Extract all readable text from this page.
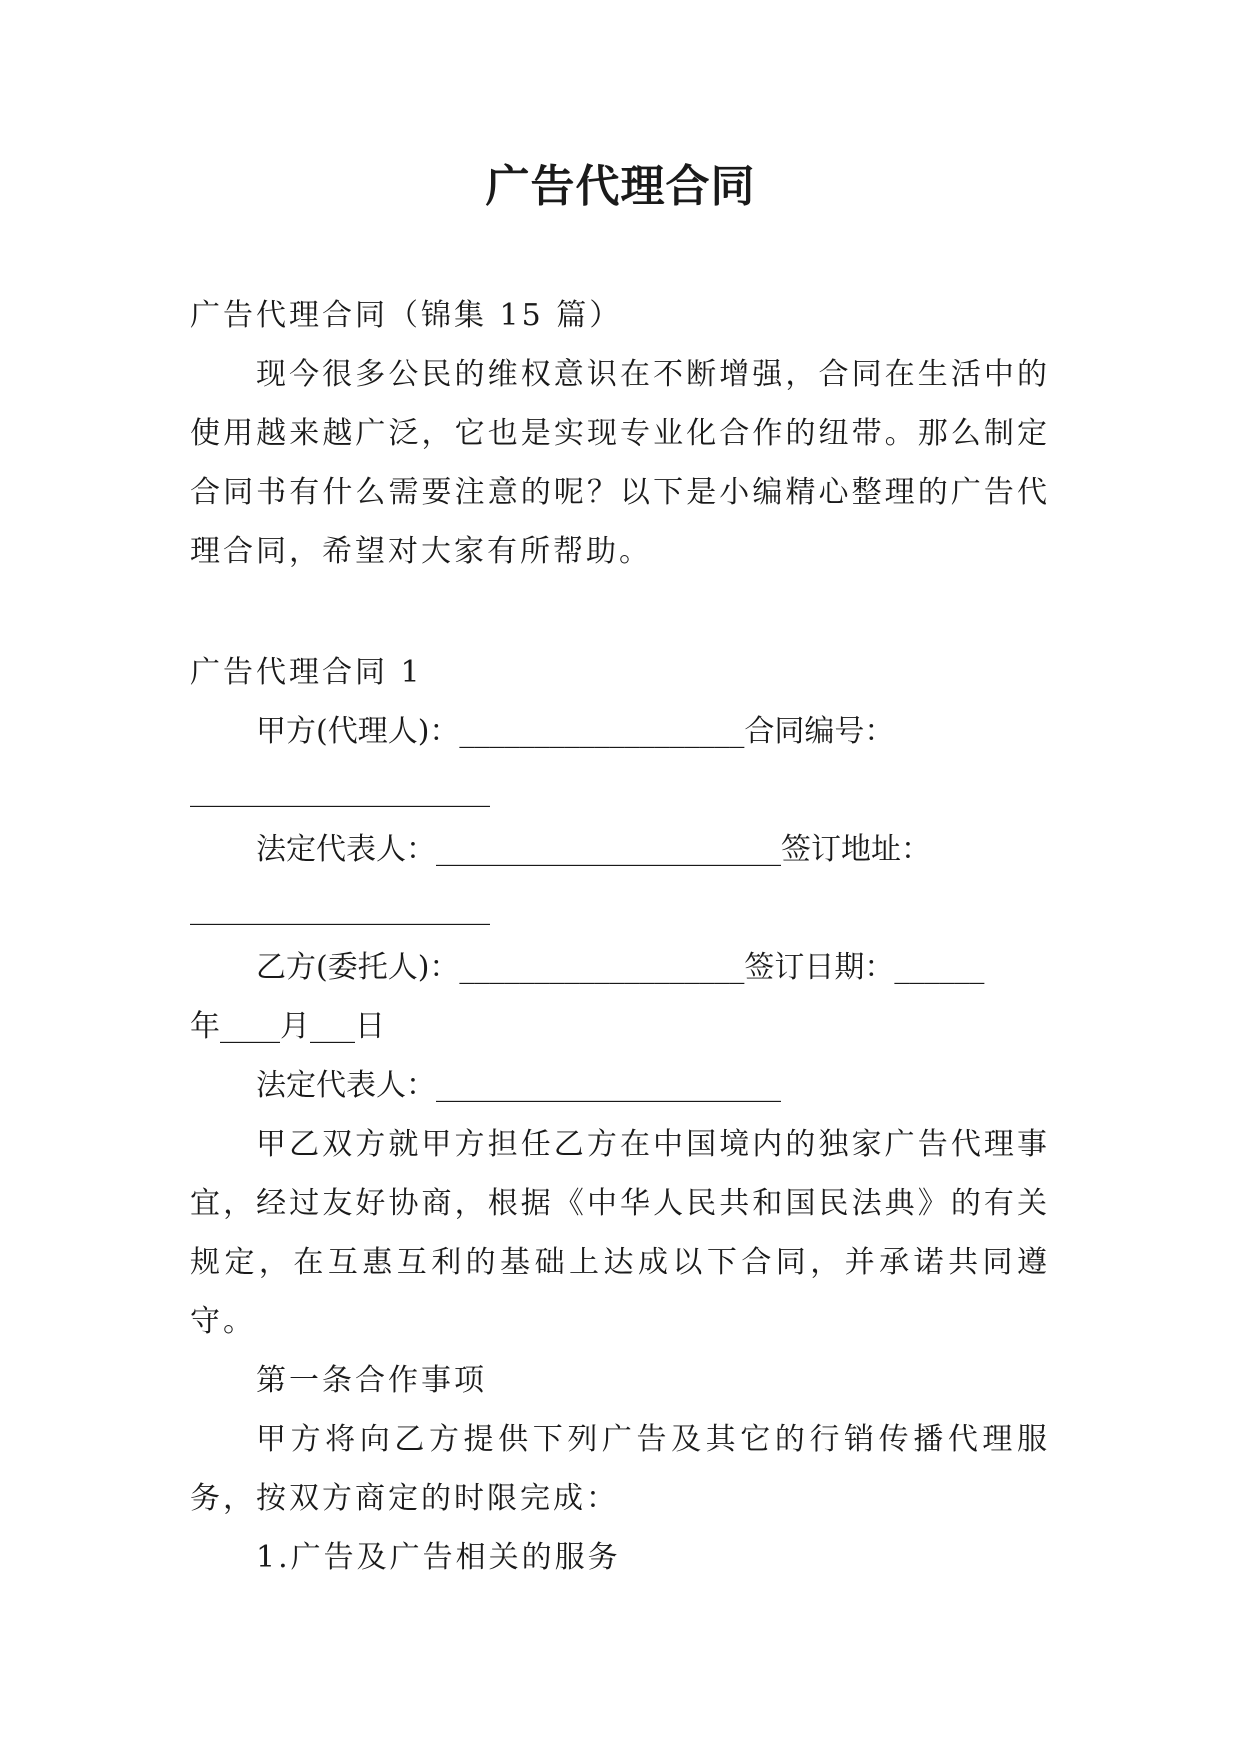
广告代理合同

广告代理合同（锦集 15 篇）

现今很多公民的维权意识在不断增强，合同在生活中的使用越来越广泛，它也是实现专业化合作的纽带。那么制定合同书有什么需要注意的呢？以下是小编精心整理的广告代理合同，希望对大家有所帮助。

广告代理合同 1

甲方(代理人)：___________________合同编号：

____________________

法定代表人：_______________________签订地址：

____________________

乙方(委托人)：___________________签订日期：______

年____月___日

法定代表人：_______________________

甲乙双方就甲方担任乙方在中国境内的独家广告代理事宜，经过友好协商，根据《中华人民共和国民法典》的有关规定，在互惠互利的基础上达成以下合同，并承诺共同遵守。

第一条合作事项

甲方将向乙方提供下列广告及其它的行销传播代理服务，按双方商定的时限完成：

1.广告及广告相关的服务
